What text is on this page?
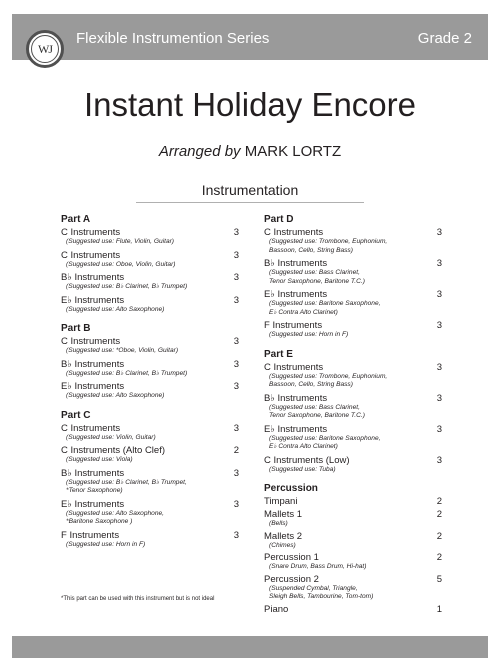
WJ
Flexible Instrumention Series	Grade 2
Instant Holiday Encore
Arranged by MARK LORTZ
Instrumentation
Part A
C Instruments	3
(Suggested use: Flute, Violin, Guitar)
C Instruments	3
(Suggested use: Oboe, Violin, Guitar)
B♭ Instruments	3
(Suggested use: B♭ Clarinet, B♭ Trumpet)
E♭ Instruments	3
(Suggested use: Alto Saxophone)
Part B
C Instruments	3
(Suggested use: *Oboe, Violin, Guitar)
B♭ Instruments	3
(Suggested use: B♭ Clarinet, B♭ Trumpet)
E♭ Instruments	3
(Suggested use: Alto Saxophone)
Part C
C Instruments	3
(Suggested use: Violin, Guitar)
C Instruments (Alto Clef)	2
(Suggested use: Viola)
B♭ Instruments	3
(Suggested use: B♭ Clarinet, B♭ Trumpet,
*Tenor Saxophone)
E♭ Instruments	3
(Suggested use: Alto Saxophone,
*Baritone Saxophone )
F Instruments	3
(Suggested use: Horn in F)
Part D
C Instruments	3
(Suggested use: Trombone, Euphonium,
Bassoon, Cello, String Bass)
B♭ Instruments	3
(Suggested use: Bass Clarinet,
Tenor Saxophone, Baritone T.C.)
E♭ Instruments	3
(Suggested use: Baritone Saxophone,
E♭ Contra Alto Clarinet)
F Instruments	3
(Suggested use: Horn in F)
Part E
C Instruments	3
(Suggested use: Trombone, Euphonium,
Bassoon, Cello, String Bass)
B♭ Instruments	3
(Suggested use: Bass Clarinet,
Tenor Saxophone, Baritone T.C.)
E♭ Instruments	3
(Suggested use: Baritone Saxophone,
E♭ Contra Alto Clarinet)
C Instruments (Low)	3
(Suggested use: Tuba)
Percussion
Timpani	2
Mallets 1	2
(Bells)
Mallets 2	2
(Chimes)
Percussion 1	2
(Snare Drum, Bass Drum, Hi-hat)
Percussion 2	5
(Suspended Cymbal, Triangle,
Sleigh Bells, Tambourine, Tom-tom)
Piano	1
*This part can be used with this instrument but is not ideal
